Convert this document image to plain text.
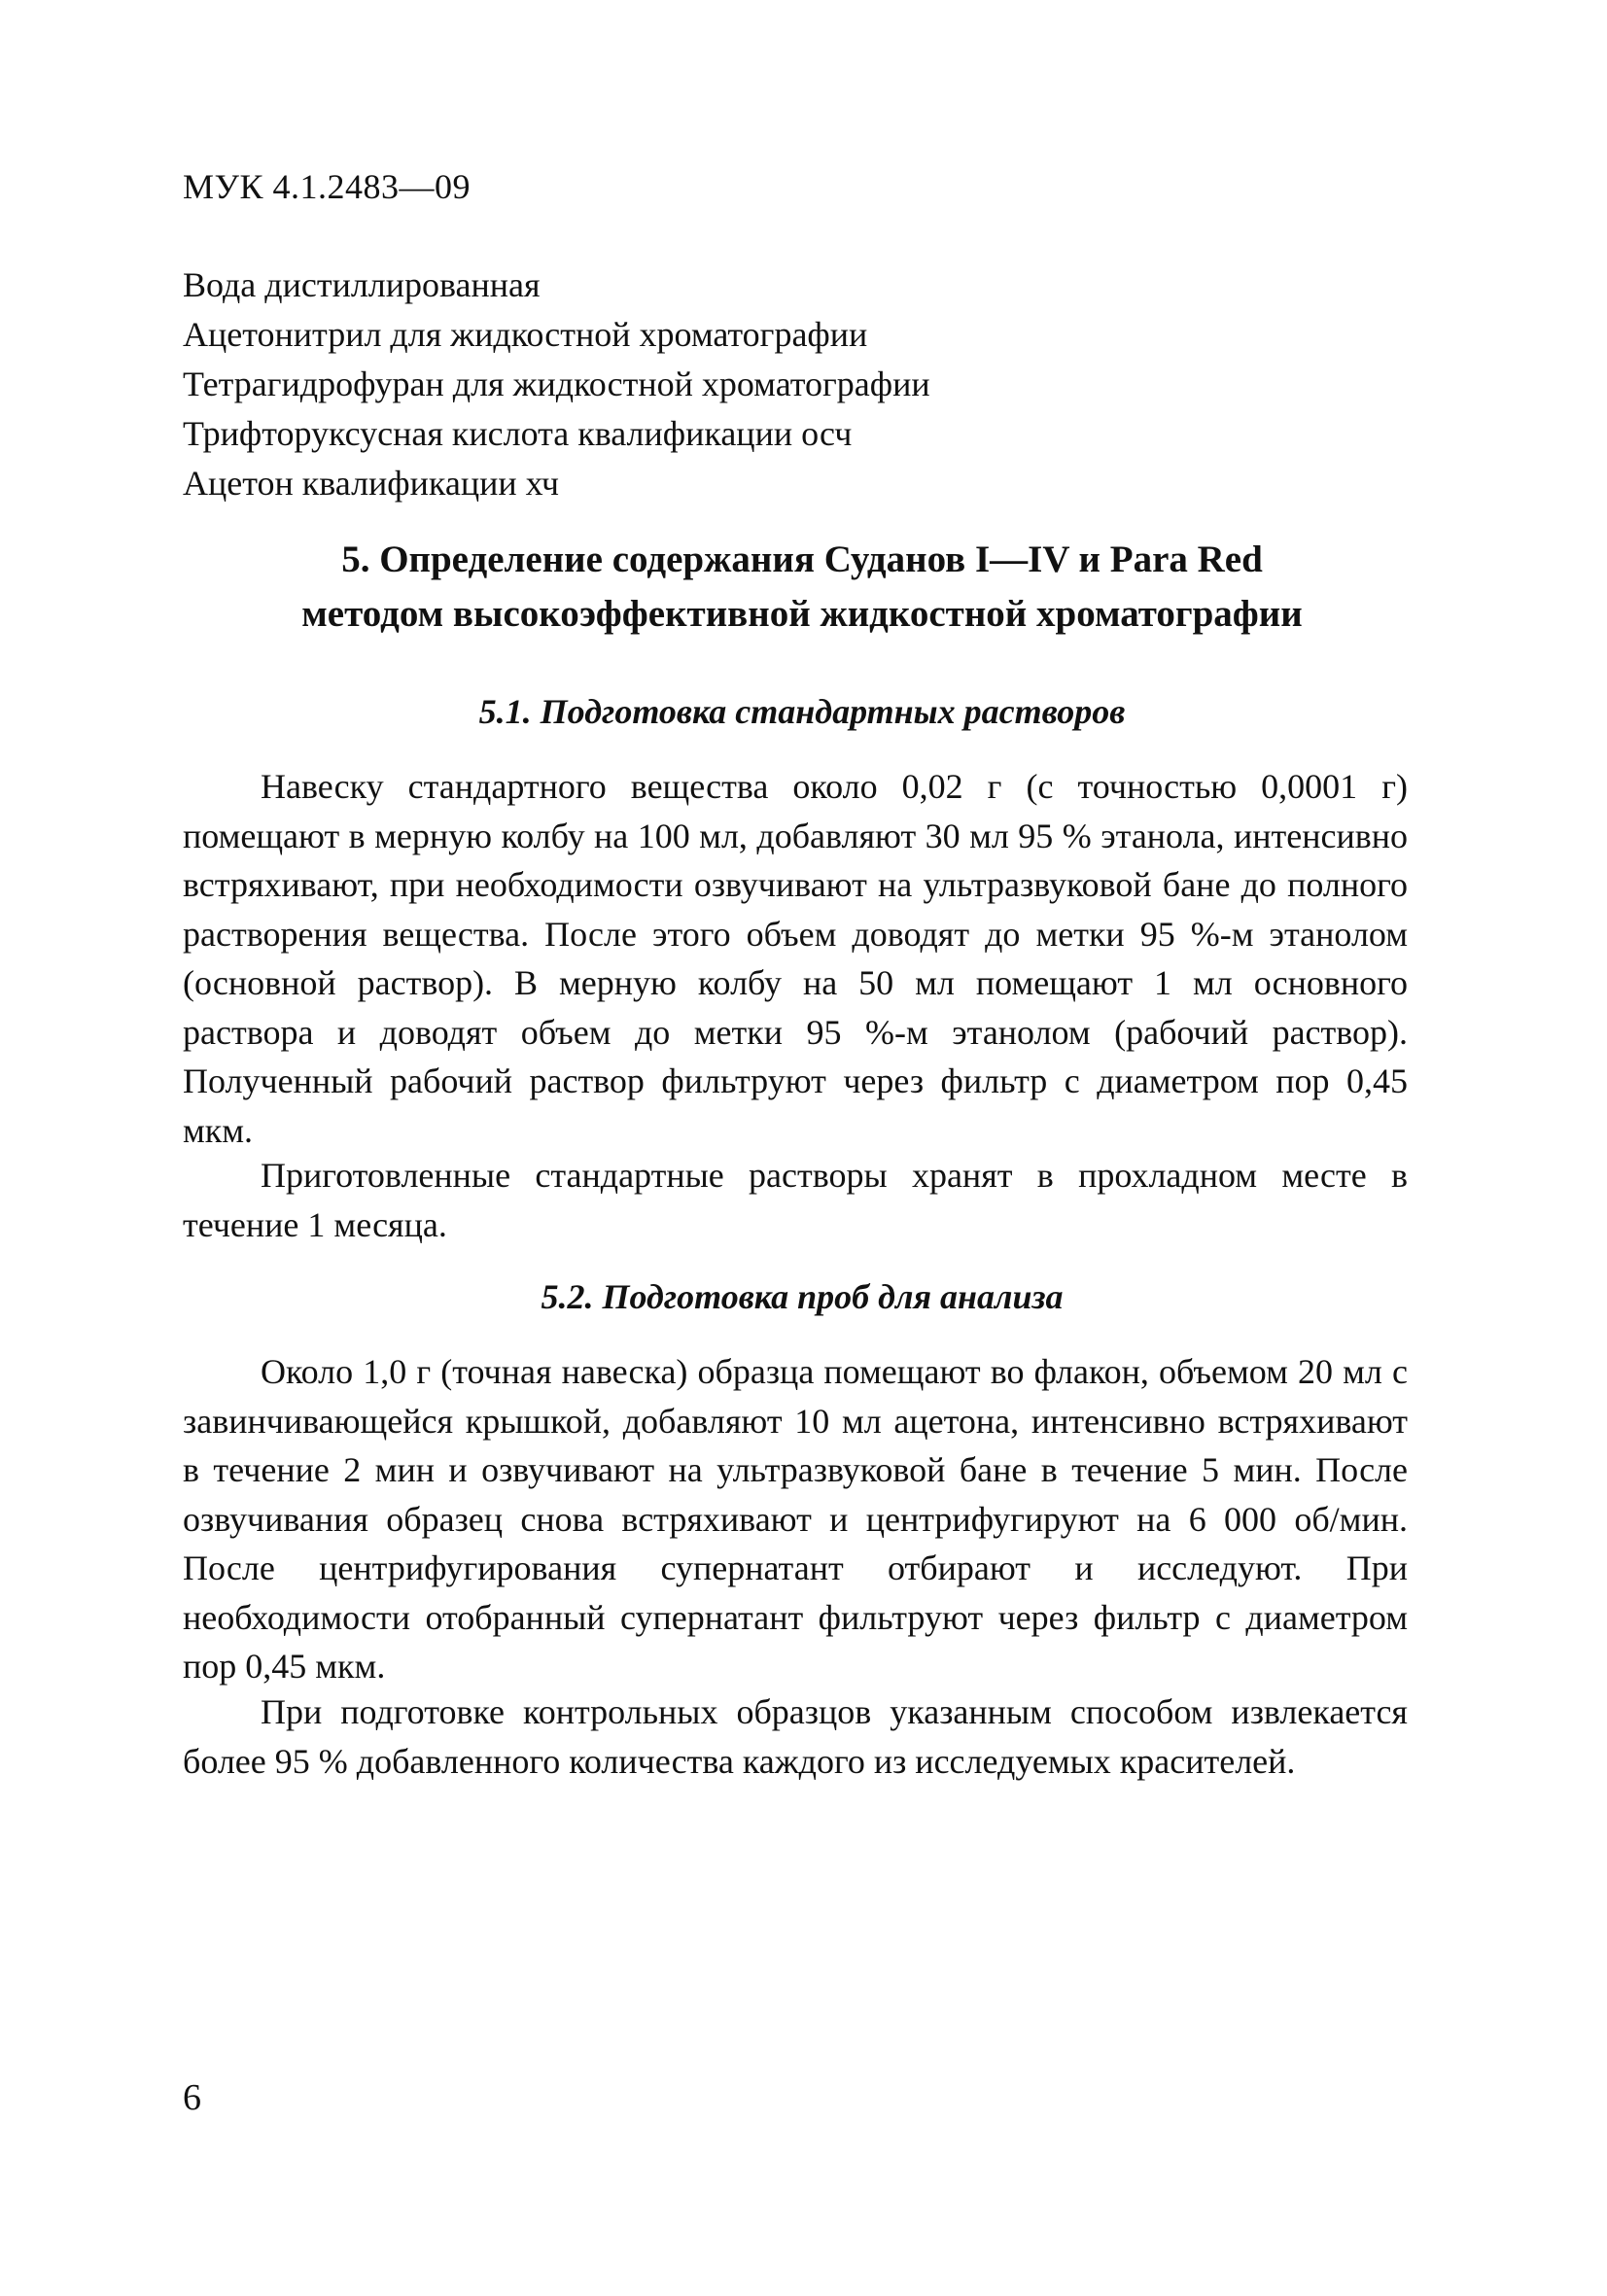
МУК 4.1.2483—09
Вода дистиллированная
Ацетонитрил для жидкостной хроматографии
Тетрагидрофуран для жидкостной хроматографии
Трифторуксусная кислота квалификации осч
Ацетон квалификации хч
5. Определение содержания Суданов I—IV и Para Red
методом высокоэффективной жидкостной хроматографии
5.1. Подготовка стандартных растворов

Навеску стандартного вещества около 0,02 г (с точностью 0,0001 г) помещают в мерную колбу на 100 мл, добавляют 30 мл 95 % этанола, интенсивно встряхивают, при необходимости озвучивают на ультразвуковой бане до полного растворения вещества. После этого объем доводят до метки 95 %-м этанолом (основной раствор). В мерную колбу на 50 мл помещают 1 мл основного раствора и доводят объем до метки 95 %-м этанолом (рабочий раствор). Полученный рабочий раствор фильтруют через фильтр с диаметром пор 0,45 мкм.

Приготовленные стандартные растворы хранят в прохладном месте в течение 1 месяца.

5.2. Подготовка проб для анализа

Около 1,0 г (точная навеска) образца помещают во флакон, объемом 20 мл с завинчивающейся крышкой, добавляют 10 мл ацетона, интенсивно встряхивают в течение 2 мин и озвучивают на ультразвуковой бане в течение 5 мин. После озвучивания образец снова встряхивают и центрифугируют на 6 000 об/мин. После центрифугирования супернатант отбирают и исследуют. При необходимости отобранный супернатант фильтруют через фильтр с диаметром пор 0,45 мкм.

При подготовке контрольных образцов указанным способом извлекается более 95 % добавленного количества каждого из исследуемых красителей.

6
